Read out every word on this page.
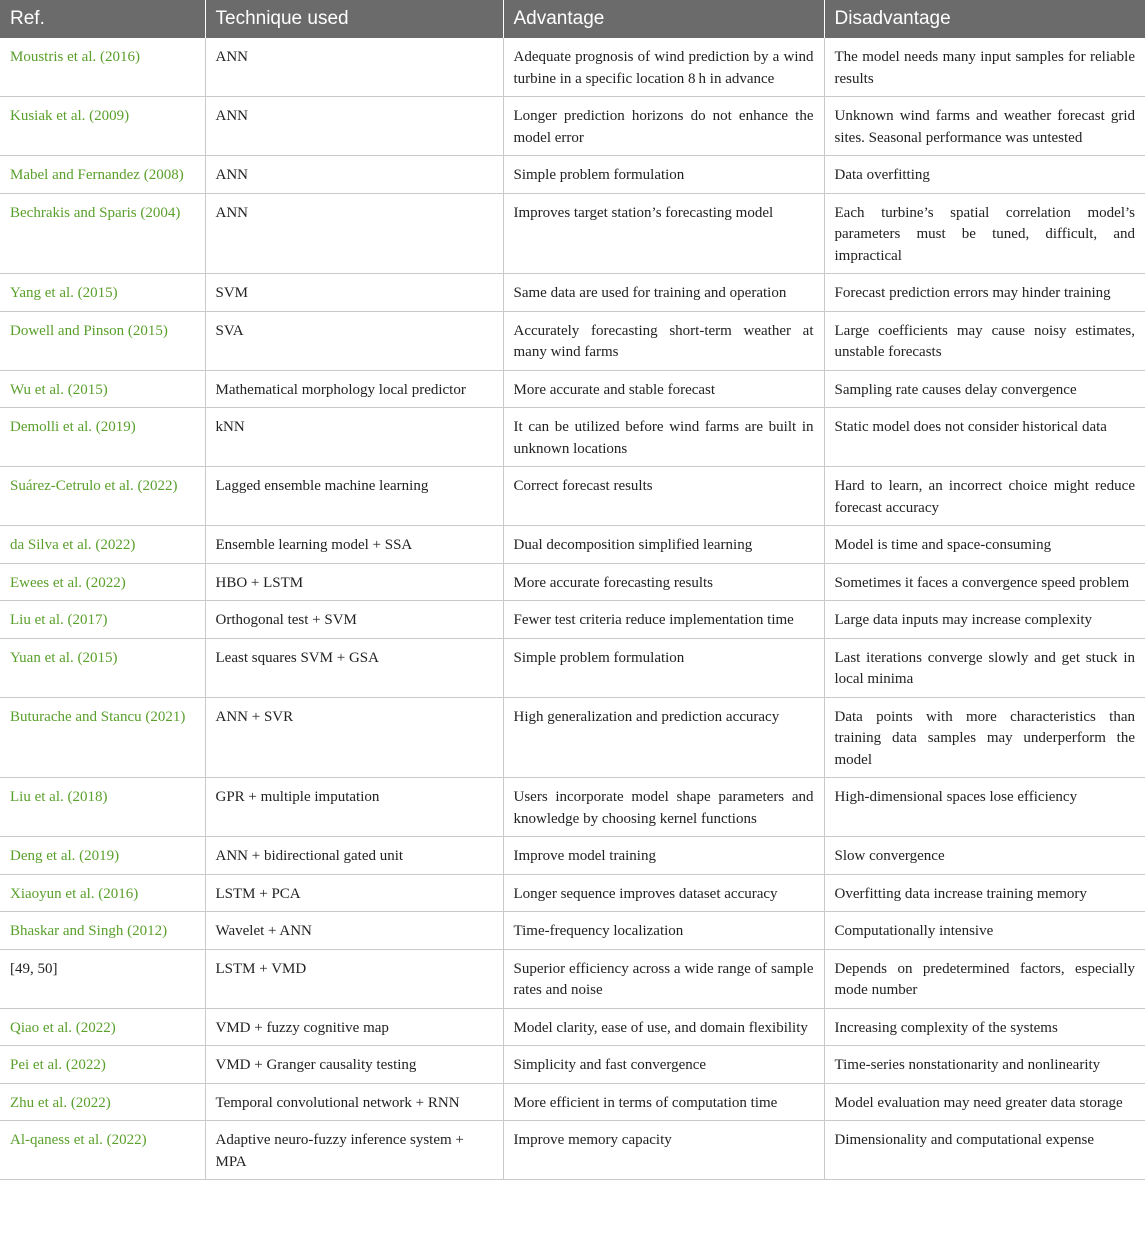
Ref.	Technique used	Advantage	Disadvantage
Moustris et al. (2016)	ANN	Adequate prognosis of wind prediction by a wind turbine in a specific location 8 h in advance	The model needs many input samples for reliable results
Kusiak et al. (2009)	ANN	Longer prediction horizons do not enhance the model error	Unknown wind farms and weather forecast grid sites. Seasonal performance was untested
Mabel and Fernandez (2008)	ANN	Simple problem formulation	Data overfitting
Bechrakis and Sparis (2004)	ANN	Improves target station’s forecasting model	Each turbine’s spatial correlation model’s parameters must be tuned, difficult, and impractical
Yang et al. (2015)	SVM	Same data are used for training and operation	Forecast prediction errors may hinder training
Dowell and Pinson (2015)	SVA	Accurately forecasting short-term weather at many wind farms	Large coefficients may cause noisy estimates, unstable forecasts
Wu et al. (2015)	Mathematical morphology local predictor	More accurate and stable forecast	Sampling rate causes delay convergence
Demolli et al. (2019)	kNN	It can be utilized before wind farms are built in unknown locations	Static model does not consider historical data
Suárez-Cetrulo et al. (2022)	Lagged ensemble machine learning	Correct forecast results	Hard to learn, an incorrect choice might reduce forecast accuracy
da Silva et al. (2022)	Ensemble learning model + SSA	Dual decomposition simplified learning	Model is time and space-consuming
Ewees et al. (2022)	HBO + LSTM	More accurate forecasting results	Sometimes it faces a convergence speed problem
Liu et al. (2017)	Orthogonal test + SVM	Fewer test criteria reduce implementation time	Large data inputs may increase complexity
Yuan et al. (2015)	Least squares SVM + GSA	Simple problem formulation	Last iterations converge slowly and get stuck in local minima
Buturache and Stancu (2021)	ANN + SVR	High generalization and prediction accuracy	Data points with more characteristics than training data samples may underperform the model
Liu et al. (2018)	GPR + multiple imputation	Users incorporate model shape parameters and knowledge by choosing kernel functions	High-dimensional spaces lose efficiency
Deng et al. (2019)	ANN + bidirectional gated unit	Improve model training	Slow convergence
Xiaoyun et al. (2016)	LSTM + PCA	Longer sequence improves dataset accuracy	Overfitting data increase training memory
Bhaskar and Singh (2012)	Wavelet + ANN	Time-frequency localization	Computationally intensive
[49, 50]	LSTM + VMD	Superior efficiency across a wide range of sample rates and noise	Depends on predetermined factors, especially mode number
Qiao et al. (2022)	VMD + fuzzy cognitive map	Model clarity, ease of use, and domain flexibility	Increasing complexity of the systems
Pei et al. (2022)	VMD + Granger causality testing	Simplicity and fast convergence	Time-series nonstationarity and nonlinearity
Zhu et al. (2022)	Temporal convolutional network + RNN	More efficient in terms of computation time	Model evaluation may need greater data storage
Al-qaness et al. (2022)	Adaptive neuro-fuzzy inference system + MPA	Improve memory capacity	Dimensionality and computational expense
